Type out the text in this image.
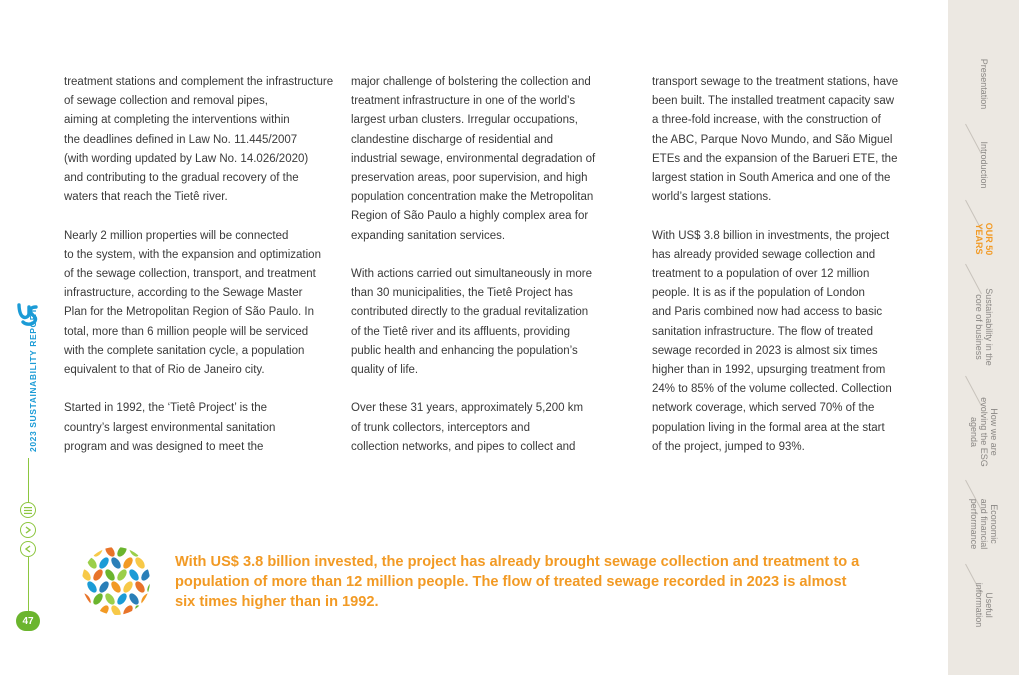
2023 SUSTAINABILITY REPORT
47

treatment stations and complement the infrastructure
of sewage collection and removal pipes,
aiming at completing the interventions within
the deadlines defined in Law No. 11.445/2007
(with wording updated by Law No. 14.026/2020)
and contributing to the gradual recovery of the
waters that reach the Tietê river.

Nearly 2 million properties will be connected
to the system, with the expansion and optimization
of the sewage collection, transport, and treatment
infrastructure, according to the Sewage Master
Plan for the Metropolitan Region of São Paulo. In
total, more than 6 million people will be serviced
with the complete sanitation cycle, a population
equivalent to that of Rio de Janeiro city.

Started in 1992, the ‘Tietê Project’ is the
country’s largest environmental sanitation
program and was designed to meet the

major challenge of bolstering the collection and
treatment infrastructure in one of the world’s
largest urban clusters. Irregular occupations,
clandestine discharge of residential and
industrial sewage, environmental degradation of
preservation areas, poor supervision, and high
population concentration make the Metropolitan
Region of São Paulo a highly complex area for
expanding sanitation services.

With actions carried out simultaneously in more
than 30 municipalities, the Tietê Project has
contributed directly to the gradual revitalization
of the Tietê river and its affluents, providing
public health and enhancing the population’s
quality of life.

Over these 31 years, approximately 5,200 km
of trunk collectors, interceptors and
collection networks, and pipes to collect and

transport sewage to the treatment stations, have
been built. The installed treatment capacity saw
a three-fold increase, with the construction of
the ABC, Parque Novo Mundo, and São Miguel
ETEs and the expansion of the Barueri ETE, the
largest station in South America and one of the
world’s largest stations.

With US$ 3.8 billion in investments, the project
has already provided sewage collection and
treatment to a population of over 12 million
people. It is as if the population of London
and Paris combined now had access to basic
sanitation infrastructure. The flow of treated
sewage recorded in 2023 is almost six times
higher than in 1992, upsurging treatment from
24% to 85% of the volume collected. Collection
network coverage, which served 70% of the
population living in the formal area at the start
of the project, jumped to 93%.

With US$ 3.8 billion invested, the project has already brought sewage collection and treatment to a
population of more than 12 million people. The flow of treated sewage recorded in 2023 is almost
six times higher than in 1992.
Presentation
Introduction
OUR 50
YEARS
Sustainability in the
core of business
How we are
evolving the ESG
agenda
Economic
and financial
performance
Useful
information
